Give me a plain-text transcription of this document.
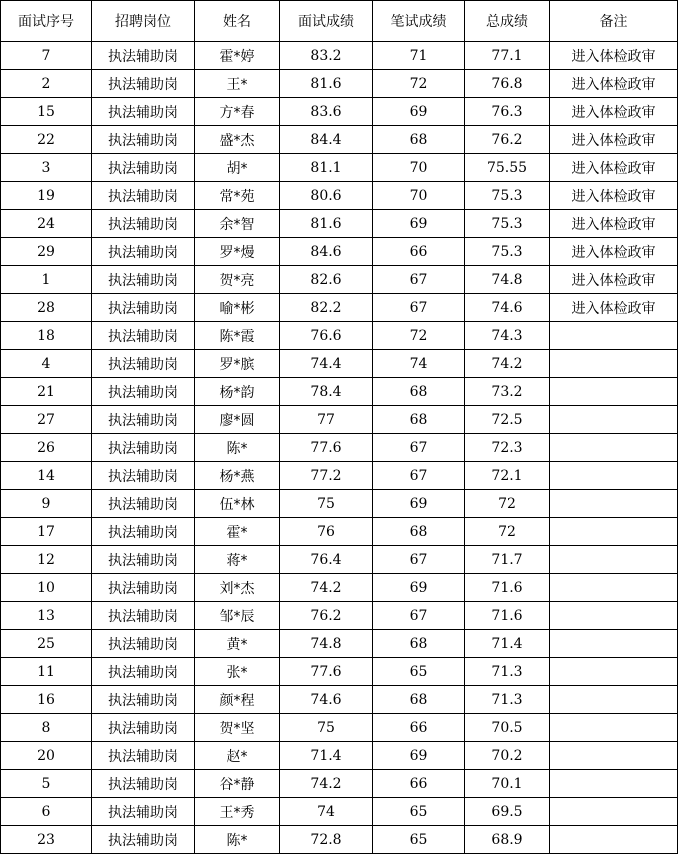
面试序号	招聘岗位	姓名	面试成绩	笔试成绩	总成绩	备注
7	执法辅助岗	霍*婷	83.2	71	77.1	进入体检政审
2	执法辅助岗	王*	81.6	72	76.8	进入体检政审
15	执法辅助岗	方*春	83.6	69	76.3	进入体检政审
22	执法辅助岗	盛*杰	84.4	68	76.2	进入体检政审
3	执法辅助岗	胡*	81.1	70	75.55	进入体检政审
19	执法辅助岗	常*苑	80.6	70	75.3	进入体检政审
24	执法辅助岗	余*智	81.6	69	75.3	进入体检政审
29	执法辅助岗	罗*熳	84.6	66	75.3	进入体检政审
1	执法辅助岗	贺*亮	82.6	67	74.8	进入体检政审
28	执法辅助岗	喻*彬	82.2	67	74.6	进入体检政审
18	执法辅助岗	陈*霞	76.6	72	74.3	
4	执法辅助岗	罗*膑	74.4	74	74.2	
21	执法辅助岗	杨*韵	78.4	68	73.2	
27	执法辅助岗	廖*圆	77	68	72.5	
26	执法辅助岗	陈*	77.6	67	72.3	
14	执法辅助岗	杨*燕	77.2	67	72.1	
9	执法辅助岗	伍*林	75	69	72	
17	执法辅助岗	霍*	76	68	72	
12	执法辅助岗	蒋*	76.4	67	71.7	
10	执法辅助岗	刘*杰	74.2	69	71.6	
13	执法辅助岗	邹*辰	76.2	67	71.6	
25	执法辅助岗	黄*	74.8	68	71.4	
11	执法辅助岗	张*	77.6	65	71.3	
16	执法辅助岗	颜*程	74.6	68	71.3	
8	执法辅助岗	贺*坚	75	66	70.5	
20	执法辅助岗	赵*	71.4	69	70.2	
5	执法辅助岗	谷*静	74.2	66	70.1	
6	执法辅助岗	王*秀	74	65	69.5	
23	执法辅助岗	陈*	72.8	65	68.9	
